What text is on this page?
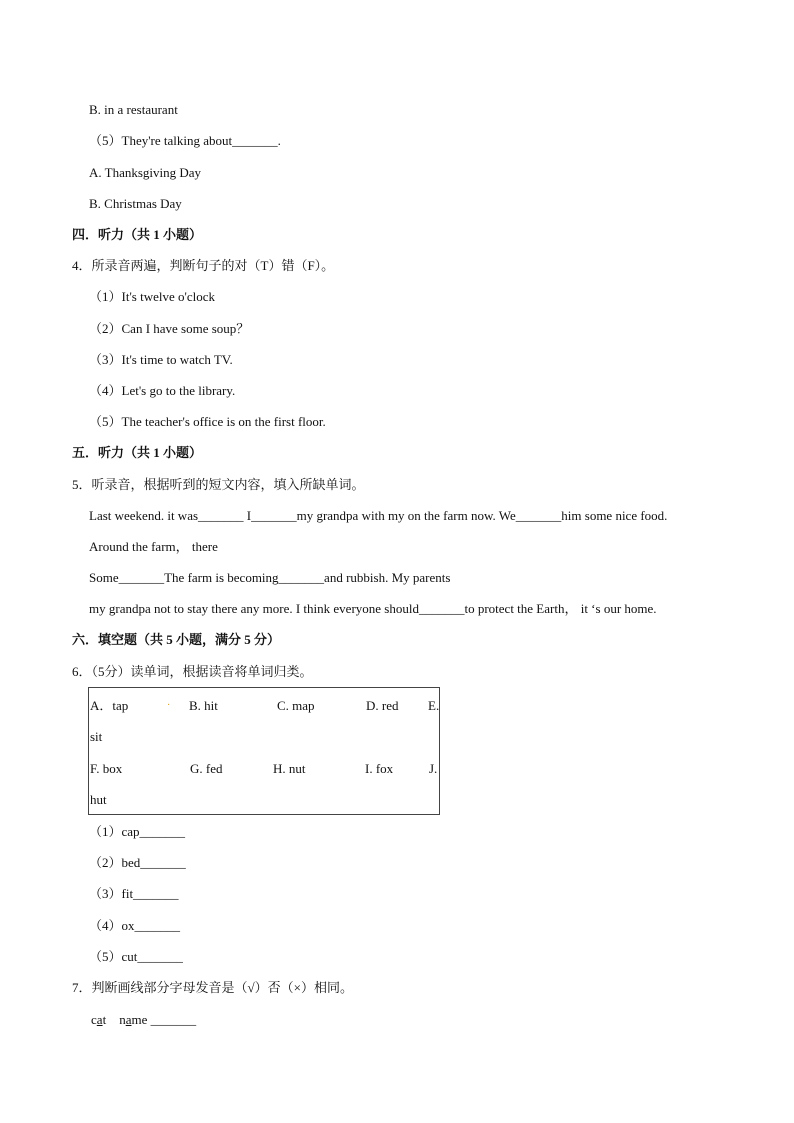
B. in a restaurant
（5）They're talking about_______.
A. Thanksgiving Day
B. Christmas Day
四．听力（共 1 小题）
4．所录音两遍，判断句子的对（T）错（F）。
（1）It's twelve o'clock
（2）Can I have some soup？
（3）It's time to watch TV.
（4）Let's go to the library.
（5）The teacher's office is on the first floor.
五．听力（共 1 小题）
5．听录音，根据听到的短文内容，填入所缺单词。
Last weekend. it was_______ I_______my grandpa with my on the farm now. We_______him some nice food.
Around the farm， there
Some_______The farm is becoming_______and rubbish. My parents
my grandpa not to stay there any more. I think everyone should_______to protect the Earth， it ‘s our home.
六．填空题（共 5 小题，满分 5 分）
6．（5分）读单词，根据读音将单词归类。
A．tap	· B. hit	C. map	D. red E.
sit
F. box	G. fed	H. nut	I. fox	J.
hut
（1）cap_______
（2）bed_______
（3）fit_______
（4）ox_______
（5）cut_______
7．判断画线部分字母发音是（√）否（×）相同。
cat name _______
